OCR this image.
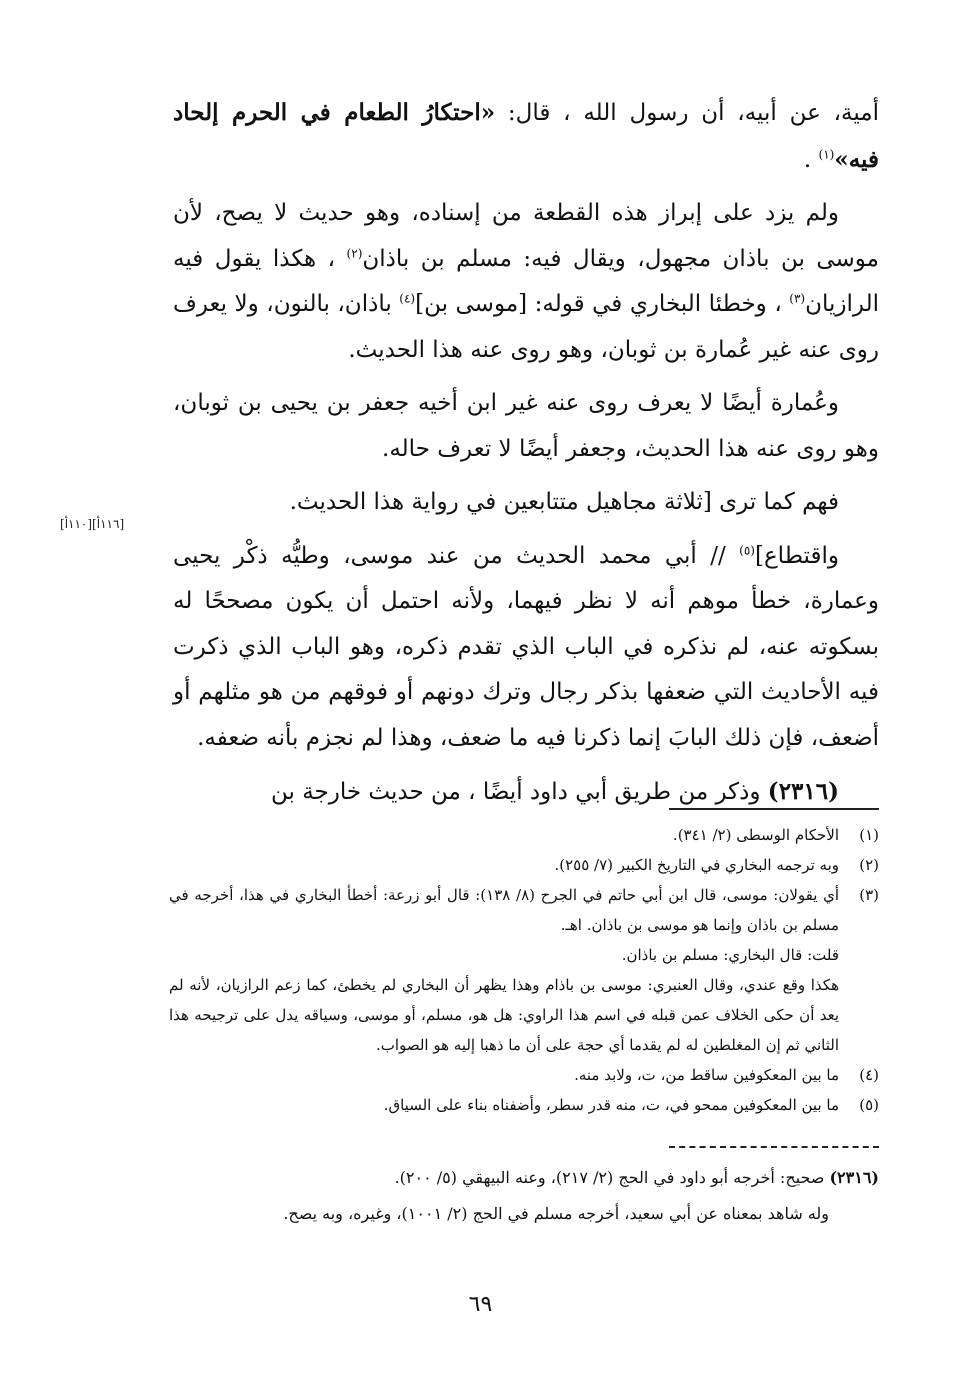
أمية، عن أبيه، أن رسول الله ، قال: «احتكارُ الطعام في الحرم إلحاد فيه»$^{(١)}$ .

ولم يزد على إبراز هذه القطعة من إسناده، وهو حديث لا يصح، لأن موسى بن باذان مجهول، ويقال فيه: مسلم بن باذان$^{(٢)}$ ، هكذا يقول فيه الرازيان$^{(٣)}$ ، وخطئا البخاري في قوله: [موسى بن]$^{(٤)}$ باذان، بالنون، ولا يعرف روى عنه غير عُمارة بن ثوبان، وهو روى عنه هذا الحديث.

وعُمارة أيضًا لا يعرف روى عنه غير ابن أخيه جعفر بن يحيى بن ثوبان، وهو روى عنه هذا الحديث، وجعفر أيضًا لا تعرف حاله.

فهم كما ترى [ثلاثة مجاهيل متتابعين في رواية هذا الحديث.

واقتطاع]$^{(٥)}$ // أبي محمد الحديث من عند موسى، وطيُّه ذكْر يحيى وعمارة، خطأ موهم أنه لا نظر فيهما، ولأنه احتمل أن يكون مصححًا له بسكوته عنه، لم نذكره في الباب الذي تقدم ذكره، وهو الباب الذي ذكرت فيه الأحاديث التي ضعفها بذكر رجال وترك دونهم أو فوقهم من هو مثلهم أو أضعف، فإن ذلك البابَ إنما ذكرنا فيه ما ضعف، وهذا لم نجزم بأنه ضعفه.

(٢٣١٦) وذكر من طريق أبي داود أيضًا ، من حديث خارجة بن

[١١٠أ][١١٦أ]
(١)
الأحكام الوسطى (٢/ ٣٤١).
(٢)
وبه ترجمه البخاري في التاريخ الكبير (٧/ ٢٥٥).
(٣)
أي يقولان: موسى، قال ابن أبي حاتم في الجرح (٨/ ١٣٨): قال أبو زرعة: أخطأ البخاري في هذا، أخرجه في مسلم بن باذان وإنما هو موسى بن باذان. اهـ.
قلت: قال البخاري: مسلم بن باذان.
هكذا وقع عندي، وقال العنبري: موسى بن باذام وهذا يظهر أن البخاري لم يخطئ، كما زعم الرازيان، لأنه لم يعد أن حكى الخلاف عمن قبله في اسم هذا الراوي: هل هو، مسلم، أو موسى، وسياقه يدل على ترجيحه هذا الثاني ثم إن المغلطين له لم يقدما أي حجة على أن ما ذهبا إليه هو الصواب.
(٤)
ما بين المعكوفين ساقط من، ت، ولابد منه.
(٥)
ما بين المعكوفين ممحو في، ت، منه قدر سطر، وأضفناه بناء على السياق.
(٢٣١٦) صحيح: أخرجه أبو داود في الحج (٢/ ٢١٧)، وعنه البيهقي (٥/ ٢٠٠).
وله شاهد بمعناه عن أبي سعيد، أخرجه مسلم في الحج (٢/ ١٠٠١)، وغيره، وبه يصح.
٦٩
